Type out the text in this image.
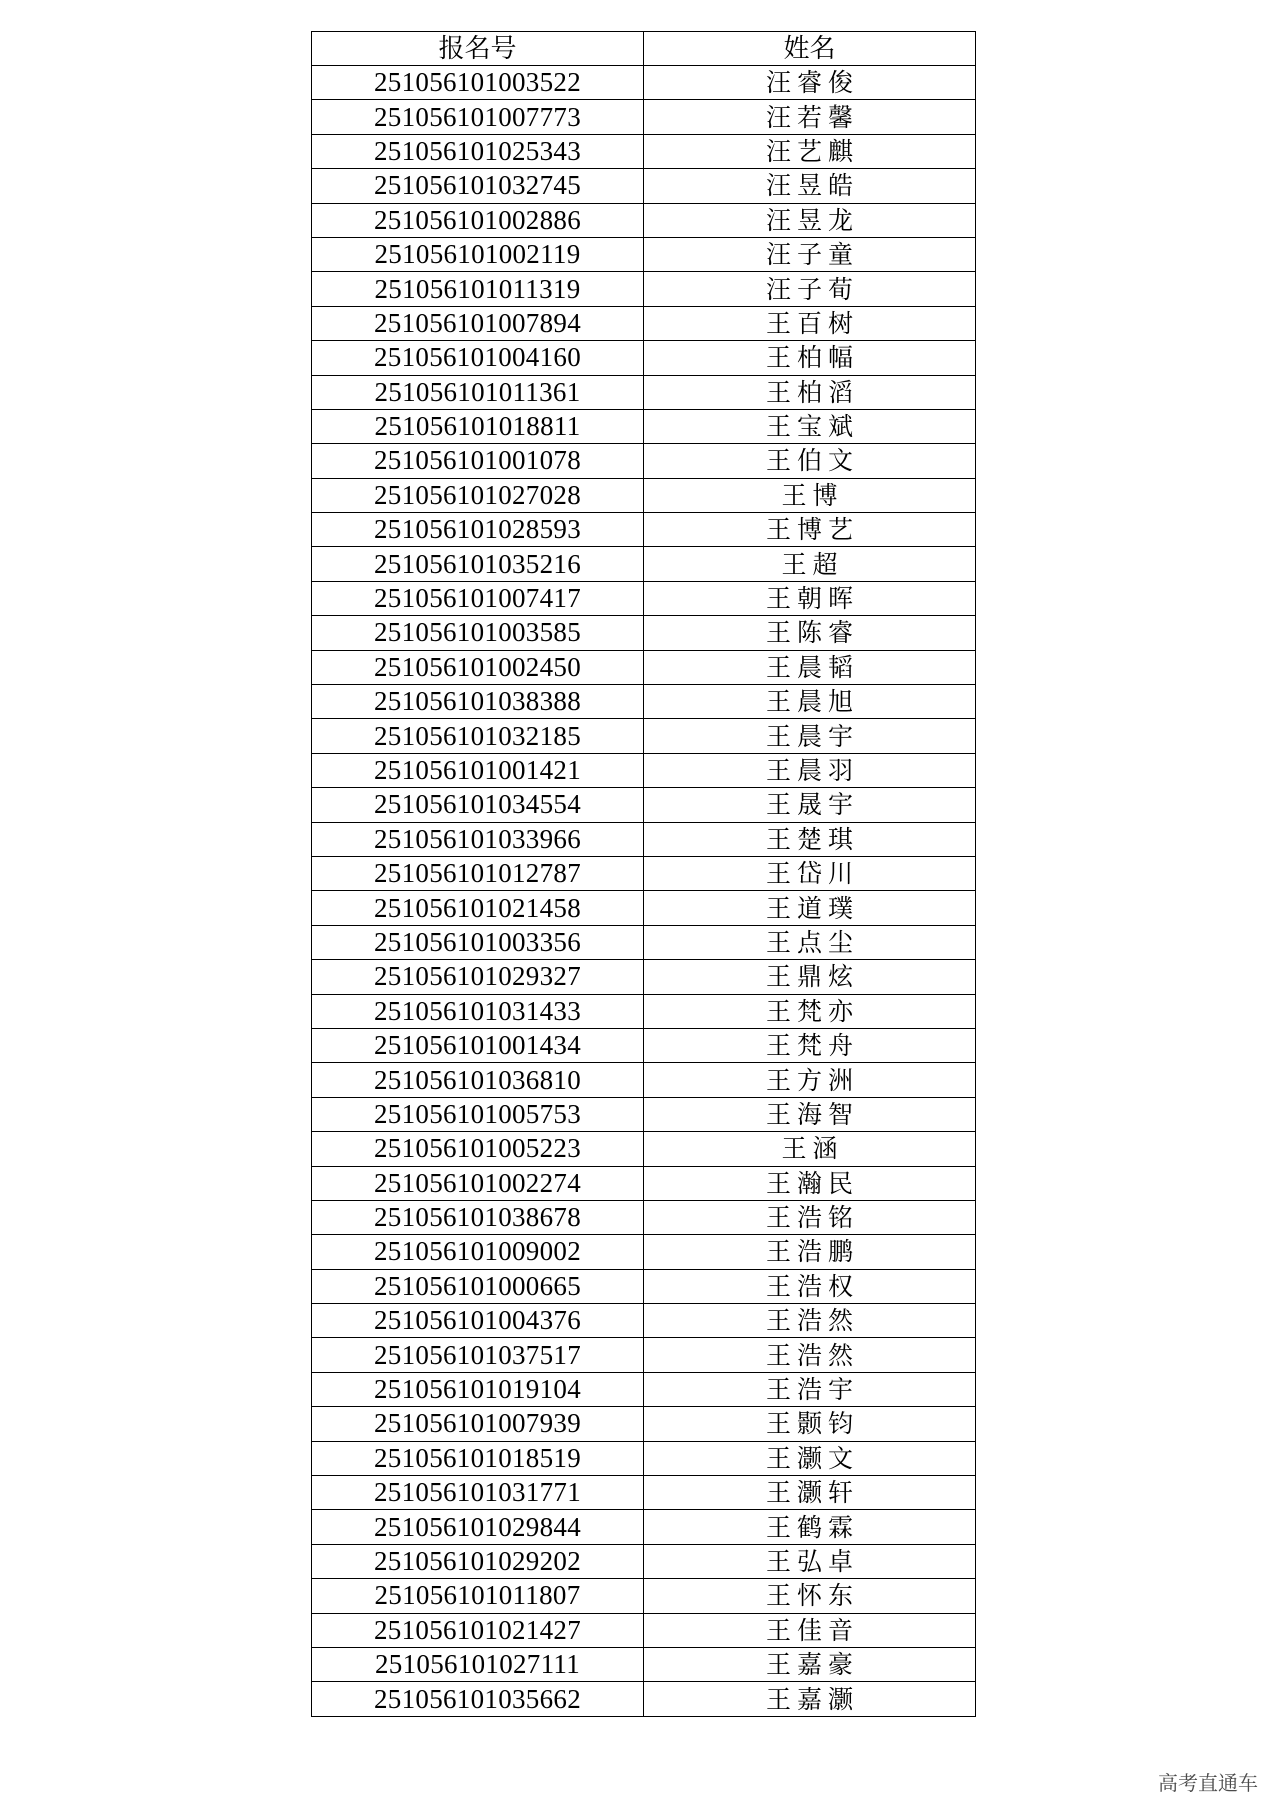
报名号	姓名
251056101003522	汪睿俊
251056101007773	汪若馨
251056101025343	汪艺麒
251056101032745	汪昱皓
251056101002886	汪昱龙
251056101002119	汪子童
251056101011319	汪子荀
251056101007894	王百树
251056101004160	王柏幅
251056101011361	王柏滔
251056101018811	王宝斌
251056101001078	王伯文
251056101027028	王博
251056101028593	王博艺
251056101035216	王超
251056101007417	王朝晖
251056101003585	王陈睿
251056101002450	王晨韬
251056101038388	王晨旭
251056101032185	王晨宇
251056101001421	王晨羽
251056101034554	王晟宇
251056101033966	王楚琪
251056101012787	王岱川
251056101021458	王道璞
251056101003356	王点尘
251056101029327	王鼎炫
251056101031433	王梵亦
251056101001434	王梵舟
251056101036810	王方洲
251056101005753	王海智
251056101005223	王涵
251056101002274	王瀚民
251056101038678	王浩铭
251056101009002	王浩鹏
251056101000665	王浩权
251056101004376	王浩然
251056101037517	王浩然
251056101019104	王浩宇
251056101007939	王颢钧
251056101018519	王灏文
251056101031771	王灏轩
251056101029844	王鹤霖
251056101029202	王弘卓
251056101011807	王怀东
251056101021427	王佳音
251056101027111	王嘉豪
251056101035662	王嘉灏
高考直通车
